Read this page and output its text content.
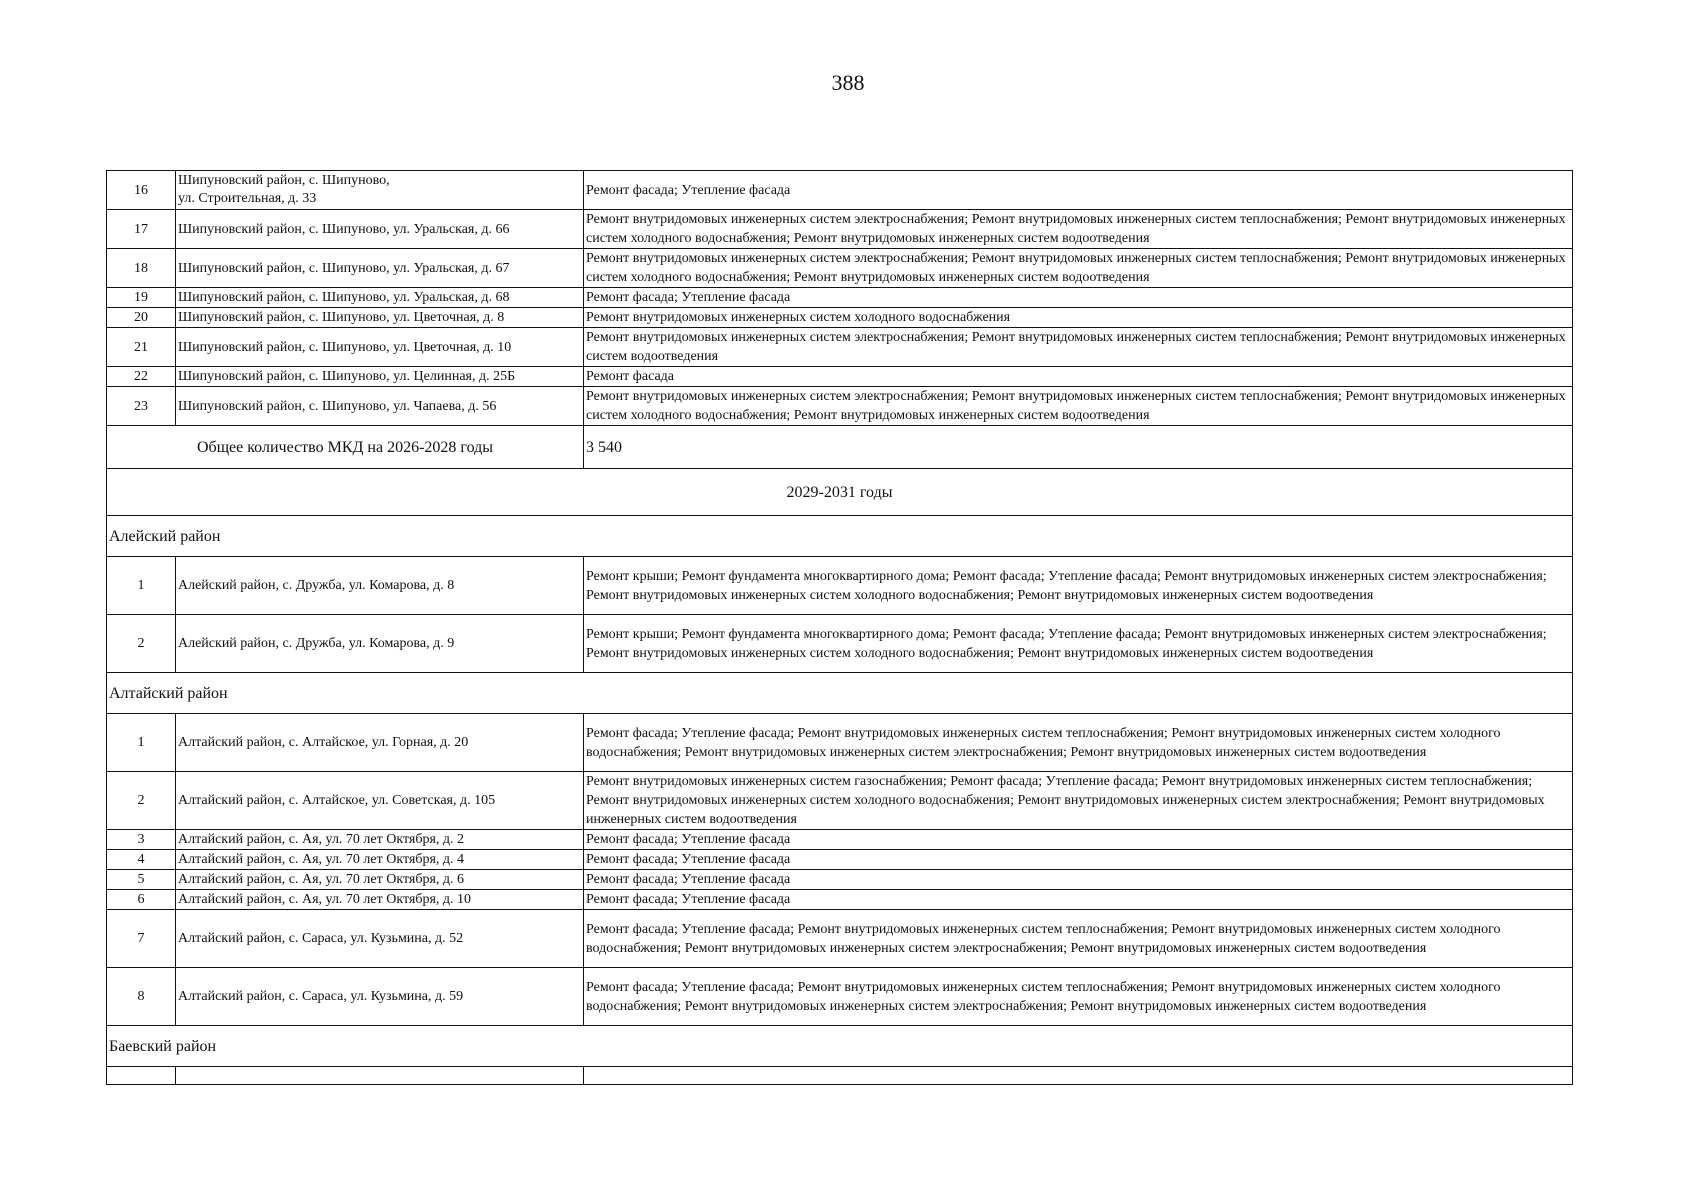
388
16	Шипуновский район, с. Шипуново,
ул. Строительная, д. 33	Ремонт фасада; Утепление фасада
17	Шипуновский район, с. Шипуново, ул. Уральская, д. 66	Ремонт внутридомовых инженерных систем электроснабжения; Ремонт внутридомовых инженерных систем теплоснабжения; Ремонт внутридомовых инженерных систем холодного водоснабжения; Ремонт внутридомовых инженерных систем водоотведения
18	Шипуновский район, с. Шипуново, ул. Уральская, д. 67	Ремонт внутридомовых инженерных систем электроснабжения; Ремонт внутридомовых инженерных систем теплоснабжения; Ремонт внутридомовых инженерных систем холодного водоснабжения; Ремонт внутридомовых инженерных систем водоотведения
19	Шипуновский район, с. Шипуново, ул. Уральская, д. 68	Ремонт фасада; Утепление фасада
20	Шипуновский район, с. Шипуново, ул. Цветочная, д. 8	Ремонт внутридомовых инженерных систем холодного водоснабжения
21	Шипуновский район, с. Шипуново, ул. Цветочная, д. 10	Ремонт внутридомовых инженерных систем электроснабжения; Ремонт внутридомовых инженерных систем теплоснабжения; Ремонт внутридомовых инженерных систем водоотведения
22	Шипуновский район, с. Шипуново, ул. Целинная, д. 25Б	Ремонт фасада
23	Шипуновский район, с. Шипуново, ул. Чапаева, д. 56	Ремонт внутридомовых инженерных систем электроснабжения; Ремонт внутридомовых инженерных систем теплоснабжения; Ремонт внутридомовых инженерных систем холодного водоснабжения; Ремонт внутридомовых инженерных систем водоотведения
Общее количество МКД на 2026-2028 годы		3 540
2029-2031 годы		
Алейский район		
1	Алейский район, с. Дружба, ул. Комарова, д. 8	Ремонт крыши; Ремонт фундамента многоквартирного дома; Ремонт фасада; Утепление фасада; Ремонт внутридомовых инженерных систем электроснабжения; Ремонт внутридомовых инженерных систем холодного водоснабжения; Ремонт внутридомовых инженерных систем водоотведения
2	Алейский район, с. Дружба, ул. Комарова, д. 9	Ремонт крыши; Ремонт фундамента многоквартирного дома; Ремонт фасада; Утепление фасада; Ремонт внутридомовых инженерных систем электроснабжения; Ремонт внутридомовых инженерных систем холодного водоснабжения; Ремонт внутридомовых инженерных систем водоотведения
Алтайский район		
1	Алтайский район, с. Алтайское, ул. Горная, д. 20	Ремонт фасада; Утепление фасада; Ремонт внутридомовых инженерных систем теплоснабжения; Ремонт внутридомовых инженерных систем холодного водоснабжения; Ремонт внутридомовых инженерных систем электроснабжения; Ремонт внутридомовых инженерных систем водоотведения
2	Алтайский район, с. Алтайское, ул. Советская, д. 105	Ремонт внутридомовых инженерных систем газоснабжения; Ремонт фасада; Утепление фасада; Ремонт внутридомовых инженерных систем теплоснабжения; Ремонт внутридомовых инженерных систем холодного водоснабжения; Ремонт внутридомовых инженерных систем электроснабжения; Ремонт внутридомовых инженерных систем водоотведения
3	Алтайский район, с. Ая, ул. 70 лет Октября, д. 2	Ремонт фасада; Утепление фасада
4	Алтайский район, с. Ая, ул. 70 лет Октября, д. 4	Ремонт фасада; Утепление фасада
5	Алтайский район, с. Ая, ул. 70 лет Октября, д. 6	Ремонт фасада; Утепление фасада
6	Алтайский район, с. Ая, ул. 70 лет Октября, д. 10	Ремонт фасада; Утепление фасада
7	Алтайский район, с. Сараса, ул. Кузьмина, д. 52	Ремонт фасада; Утепление фасада; Ремонт внутридомовых инженерных систем теплоснабжения; Ремонт внутридомовых инженерных систем холодного водоснабжения; Ремонт внутридомовых инженерных систем электроснабжения; Ремонт внутридомовых инженерных систем водоотведения
8	Алтайский район, с. Сараса, ул. Кузьмина, д. 59	Ремонт фасада; Утепление фасада; Ремонт внутридомовых инженерных систем теплоснабжения; Ремонт внутридомовых инженерных систем холодного водоснабжения; Ремонт внутридомовых инженерных систем электроснабжения; Ремонт внутридомовых инженерных систем водоотведения
Баевский район		
